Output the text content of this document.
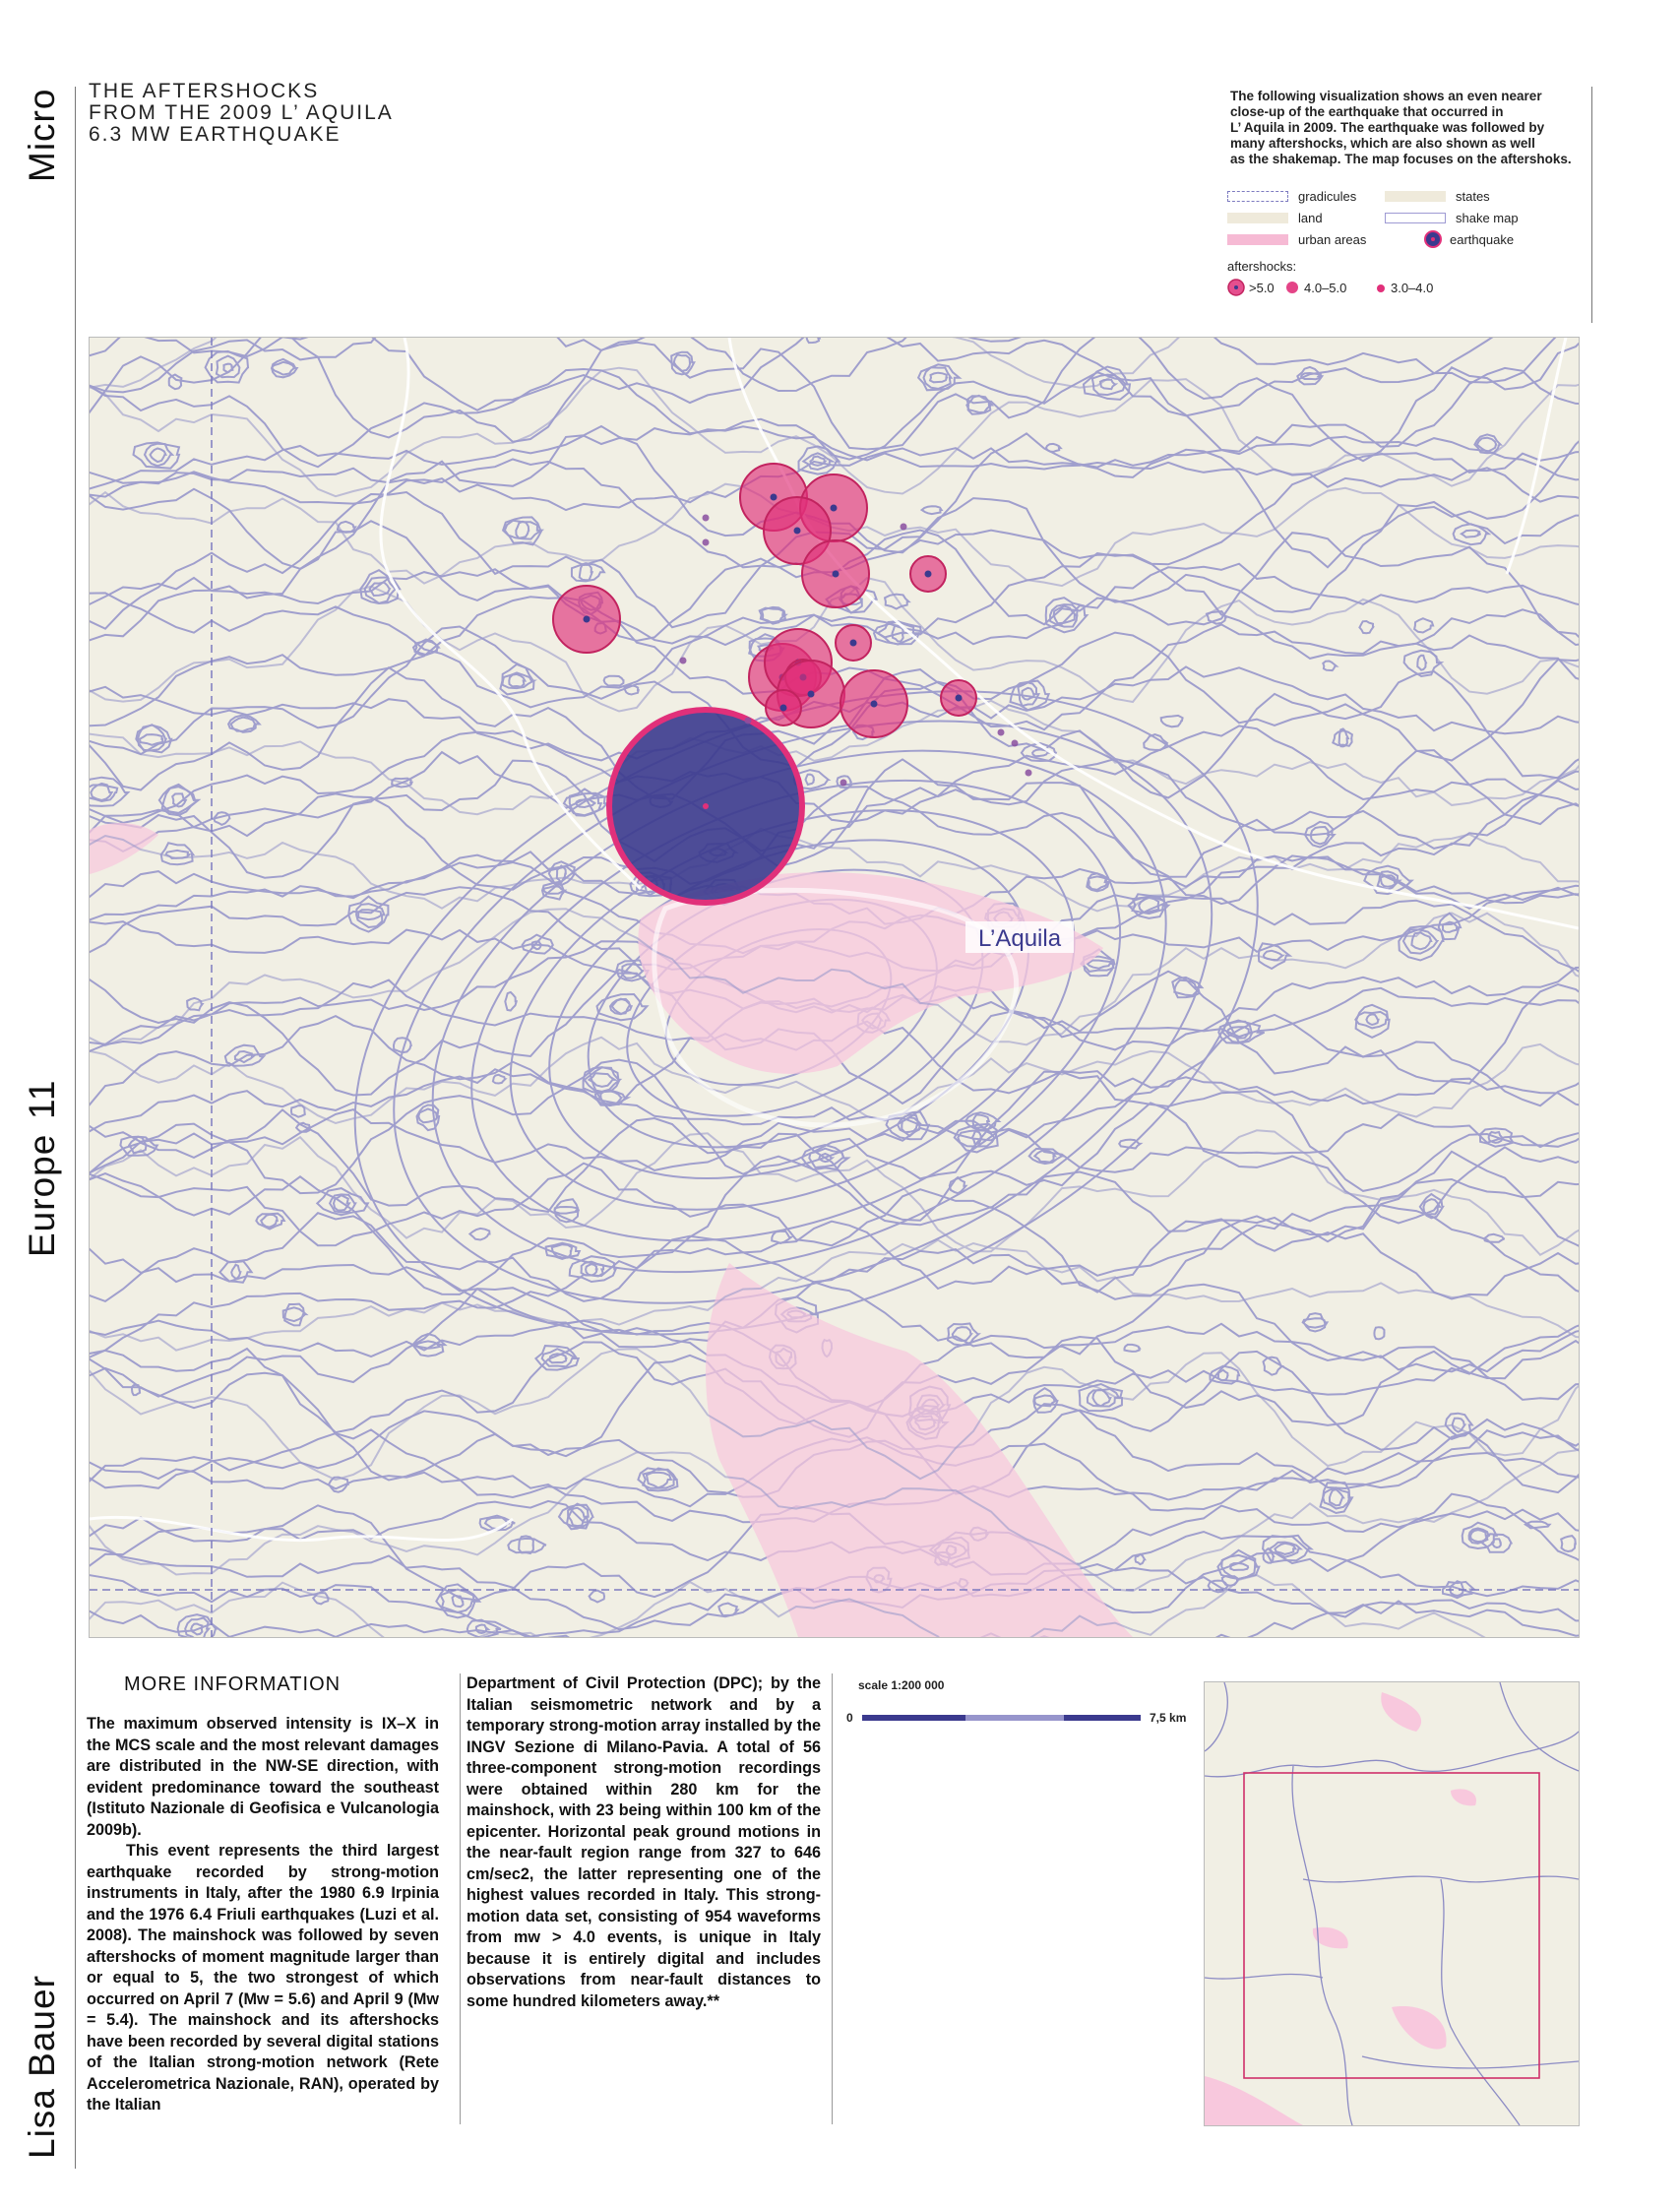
Micro
11
Europe
Lisa Bauer
THE AFTERSHOCKS
FROM THE 2009 L’ AQUILA
6.3 MW EARTHQUAKE
The following visualization shows an even nearer
close-up of the earthquake that occurred in
L’ Aquila in 2009. The earthquake was followed by
many aftershocks, which are also shown as well
as the shakemap. The map focuses on the aftershoks.
gradicules	states
land	shake map
urban areas	earthquake
aftershocks:
>5.0 4.0–5.0	3.0–4.0
L’Aquila
MORE INFORMATION

The maximum observed intensity is IX–X in the MCS scale and the most relevant damages are distributed in the NW-SE direction, with evident predominance toward the southeast (Istituto Nazionale di Geofisica e Vulcanologia 2009b).

This event represents the third largest earthquake recorded by strong-motion instruments in Italy, after the 1980 6.9 Irpinia and the 1976 6.4 Friuli earthquakes (Luzi et al. 2008). The mainshock was followed by seven aftershocks of moment magnitude larger than or equal to 5, the two strongest of which occurred on April 7 (Mw = 5.6) and April 9 (Mw = 5.4). The mainshock and its aftershocks have been recorded by several digital stations of the Italian strong-motion network (Rete Accelerometrica Nazionale, RAN), operated by the Italian

Department of Civil Protection (DPC); by the Italian seismometric network and by a temporary strong-motion array installed by the INGV Sezione di Milano-Pavia. A total of 56 three-component strong-motion recordings were obtained within 280 km for the mainshock, with 23 being within 100 km of the epicenter. Horizontal peak ground motions in the near-fault region range from 327 to 646 cm/sec2, the latter representing one of the highest values recorded in Italy. This strong-motion data set, consisting of 954 waveforms from mw > 4.0 events, is unique in Italy because it is entirely digital and includes observations from near-fault distances to some hundred kilometers away.**

scale 1:200 000
0	7,5 km
